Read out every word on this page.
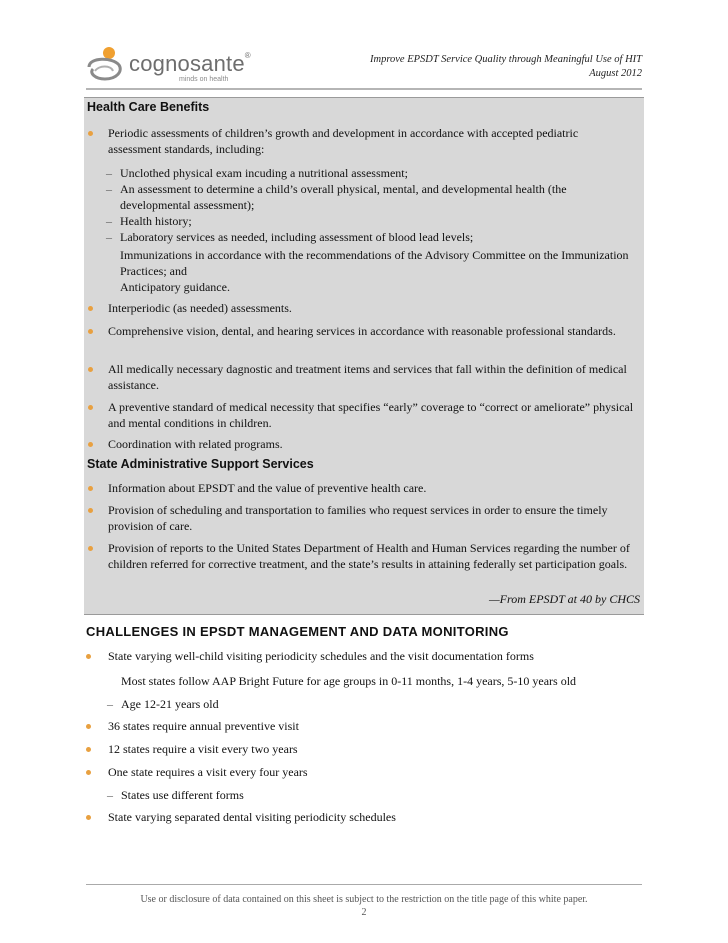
cognosante®
minds on health
Improve EPSDT Service Quality through Meaningful Use of HIT
August 2012
Health Care Benefits
Periodic assessments of children’s growth and development in accordance with accepted pediatric assessment standards, including:
– Unclothed physical exam incuding a nutritional assessment;
– An assessment to determine a child’s overall physical, mental, and developmental health (the developmental assessment);
– Health history;
– Laboratory services as needed, including assessment of blood lead levels;
Immunizations in accordance with the recommendations of the Advisory Committee on the Immunization Practices; and
Anticipatory guidance.
Interperiodic (as needed) assessments.
Comprehensive vision, dental, and hearing services in accordance with reasonable professional standards.
All medically necessary dagnostic and treatment items and services that fall within the definition of medical assistance.
A preventive standard of medical necessity that specifies “early” coverage to “correct or ameliorate” physical and mental conditions in children.
Coordination with related programs.
State Administrative Support Services
Information about EPSDT and the value of preventive health care.
Provision of scheduling and transportation to families who request services in order to ensure the timely provision of care.
Provision of reports to the United States Department of Health and Human Services regarding the number of children referred for corrective treatment, and the state’s results in attaining federally set participation goals.
—From EPSDT at 40 by CHCS
CHALLENGES IN EPSDT MANAGEMENT AND DATA MONITORING
State varying well-child visiting periodicity schedules and the visit documentation forms
Most states follow AAP Bright Future for age groups in 0-11 months, 1-4 years, 5-10 years old
– Age 12-21 years old
36 states require annual preventive visit
12 states require a visit every two years
One state requires a visit every four years
– States use different forms
State varying separated dental visiting periodicity schedules
Use or disclosure of data contained on this sheet is subject to the restriction on the title page of this white paper.
2
